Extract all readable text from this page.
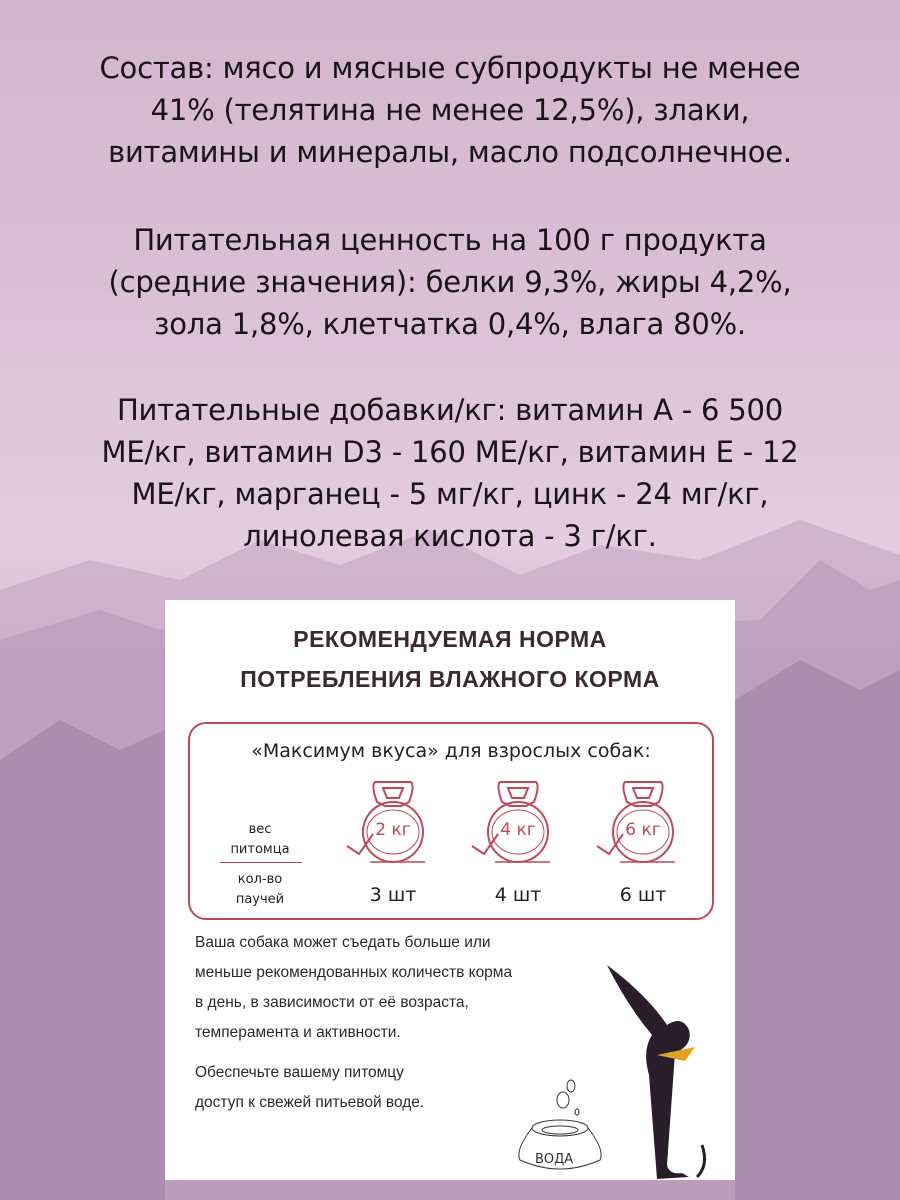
Состав: мясо и мясные субпродукты не менее
41% (телятина не менее 12,5%), злаки,
витамины и минералы, масло подсолнечное.
Питательная ценность на 100 г продукта
(средние значения): белки 9,3%, жиры 4,2%,
зола 1,8%, клетчатка 0,4%, влага 80%.
Питательные добавки/кг: витамин А - 6 500
МЕ/кг, витамин D3 - 160 МЕ/кг, витамин Е - 12
МЕ/кг, марганец - 5 мг/кг, цинк - 24 мг/кг,
линолевая кислота - 3 г/кг.
РЕКОМЕНДУЕМАЯ НОРМА
ПОТРЕБЛЕНИЯ ВЛАЖНОГО КОРМА
«Максимум вкуса» для взрослых собак:
вес
питомца
кол-во
паучей
2 кг
3 шт
4 кг
4 шт
6 кг
6 шт
Ваша собака может съедать больше или
меньше рекомендованных количеств корма
в день, в зависимости от её возраста,
темперамента и активности.
Обеспечьте вашему питомцу
доступ к свежей питьевой воде.
ВОДА
